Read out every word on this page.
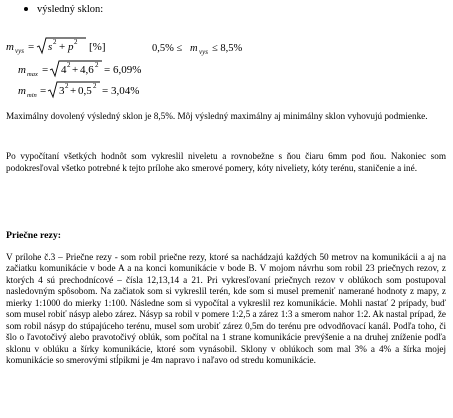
výsledný sklon:
m vys = s 2 + p 2 [%]	0,5% ≤ m vys ≤ 8,5%
m max = 4 2 + 4,6 2 = 6,09%
m min = 3 2 + 0,5 2 = 3,04%

Maximálny dovolený výsledný sklon je 8,5%. Môj výsledný maximálny aj minimálny sklon vyhovujú podmienke.

Po vypočítaní všetkých hodnôt som vykreslil niveletu a rovnobežne s ňou čiaru 6mm pod ňou. Nakoniec som podokresľoval všetko potrebné k tejto prílohe ako smerové pomery, kóty niveliety, kóty terénu, staničenie a iné.

Priečne rezy:

V prílohe č.3 – Priečne rezy - som robil priečne rezy, ktoré sa nachádzajú každých 50 metrov na komunikácii a aj na začiatku komunikácie v bode A a na konci komunikácie v bode B. V mojom návrhu som robil 23 priečnych rezov, z ktorých 4 sú prechodnícové – čísla 12,13,14 a 21. Pri vykresľovaní priečnych rezov v oblúkoch som postupoval nasledovným spôsobom. Na začiatok som si vykreslil terén, kde som si musel premeniť namerané hodnoty z mapy, z mierky 1:1000 do mierky 1:100. Následne som si vypočítal a vykreslil rez komunikácie. Mohli nastať 2 prípady, buď som musel robiť násyp alebo zárez. Násyp sa robil v pomere 1:2,5 a zárez 1:3 a smerom nahor 1:2. Ak nastal prípad, že som robil násyp do stúpajúceho terénu, musel som urobiť zárez 0,5m do terénu pre odvodňovací kanál. Podľa toho, či šlo o ľavotočivý alebo pravotočivý oblúk, som počítal na 1 strane komunikácie prevýšenie a na druhej zníženie podľa sklonu v oblúku a šírky komunikácie, ktoré som vynásobil. Sklony v oblúkoch som mal 3% a 4% a šírka mojej komunikácie so smerovými stĺpikmi je 4m napravo i naľavo od stredu komunikácie.
